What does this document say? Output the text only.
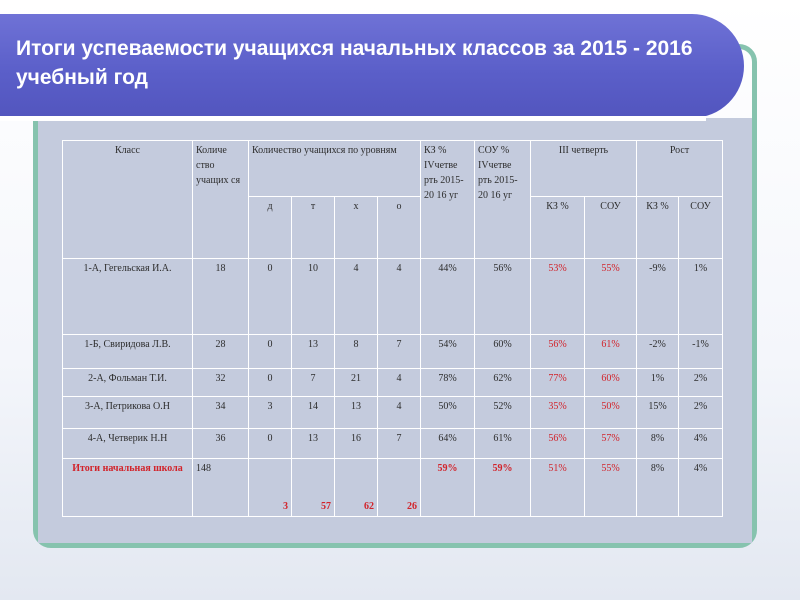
Итоги успеваемости учащихся начальных классов за 2015 - 2016 учебный год
Класс	Количе ство учащих ся	Количество учащихся по уровням				КЗ % IVчетве рть 2015-20 16 уг	СОУ % IVчетве рть 2015-20 16 уг	III четверть		Рост	
		д	т	х	о			КЗ %	СОУ	КЗ %	СОУ
1-А, Гегельская И.А.	18	0	10	4	4	44%	56%	53%	55%	-9%	1%
1-Б, Свиридова Л.В.	28	0	13	8	7	54%	60%	56%	61%	-2%	-1%
2-А, Фольман Т.И.	32	0	7	21	4	78%	62%	77%	60%	1%	2%
3-А, Петрикова О.Н	34	3	14	13	4	50%	52%	35%	50%	15%	2%
4-А, Четверик Н.Н	36	0	13	16	7	64%	61%	56%	57%	8%	4%
Итоги начальная школа	148	3	57	62	26	59%	59%	51%	55%	8%	4%
